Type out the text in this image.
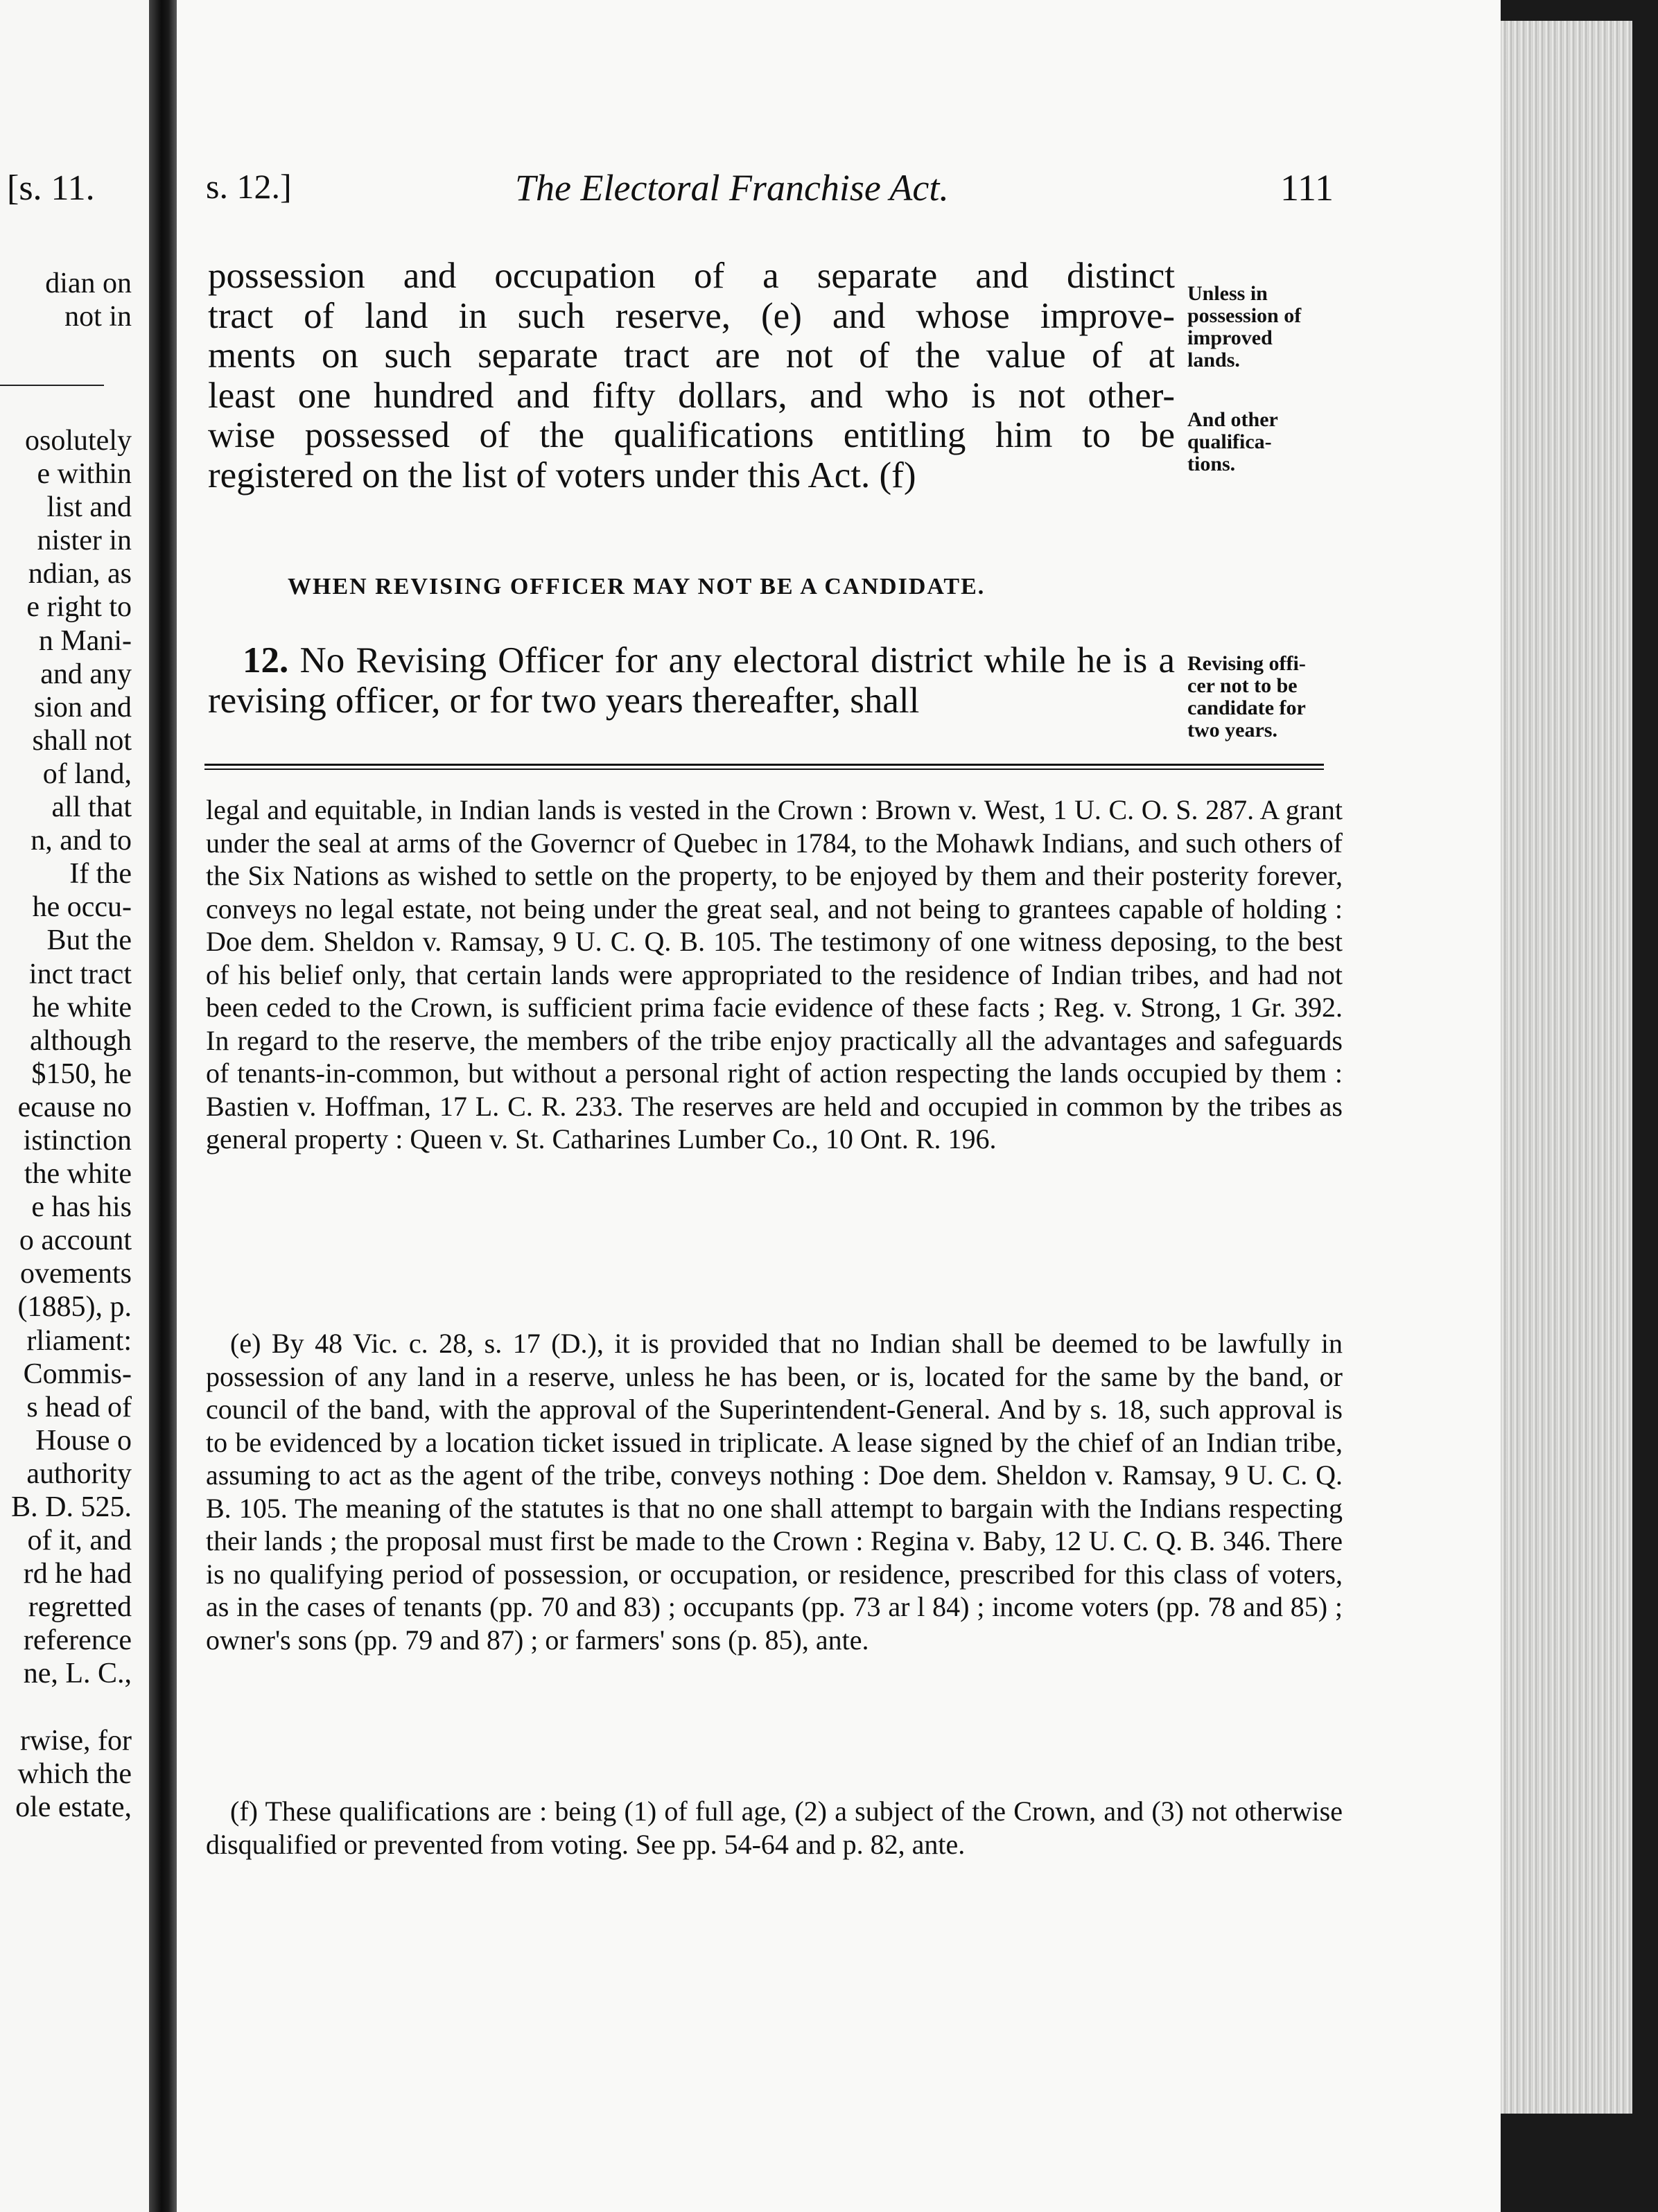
[s. 11.
dian on
not in
osolutely
e within
list and
nister in
ndian, as
e right to
n Mani-
and any
sion and
shall not
of land,
all that
n, and to
If the
he occu-
But the
inct tract
he white
although
$150, he
ecause no
istinction
the white
e has his
o account
ovements
(1885), p.
rliament:
Commis-
s head of
House o
authority
B. D. 525.
of it, and
rd he had
regretted
reference
ne, L. C.,

rwise, for
which the
ole estate,
s. 12.]	The Electoral Franchise Act.	111
possession and occupation of a separate and distinct
tract of land in such reserve, (e) and whose improve-
ments on such separate tract are not of the value of at
least one hundred and fifty dollars, and who is not other-
wise possessed of the qualifications entitling him to be
registered on the list of voters under this Act. (f)
Unless in
possession of
improved
lands.
And other
qualifica-
tions.
WHEN REVISING OFFICER MAY NOT BE A CANDIDATE.

12. No Revising Officer for any electoral district while he is a revising officer, or for two years thereafter, shall

Revising offi-
cer not to be
candidate for
two years.

legal and equitable, in Indian lands is vested in the Crown : Brown v. West, 1 U. C. O. S. 287. A grant under the seal at arms of the Governcr of Quebec in 1784, to the Mohawk Indians, and such others of the Six Nations as wished to settle on the property, to be enjoyed by them and their posterity forever, conveys no legal estate, not being under the great seal, and not being to grantees capable of holding : Doe dem. Sheldon v. Ramsay, 9 U. C. Q. B. 105. The testimony of one witness deposing, to the best of his belief only, that certain lands were appropriated to the residence of Indian tribes, and had not been ceded to the Crown, is sufficient prima facie evidence of these facts ; Reg. v. Strong, 1 Gr. 392. In regard to the reserve, the members of the tribe enjoy practically all the advantages and safeguards of tenants-in-common, but without a personal right of action respecting the lands occupied by them : Bastien v. Hoffman, 17 L. C. R. 233. The reserves are held and occupied in common by the tribes as general property : Queen v. St. Catharines Lumber Co., 10 Ont. R. 196.

(e) By 48 Vic. c. 28, s. 17 (D.), it is provided that no Indian shall be deemed to be lawfully in possession of any land in a reserve, unless he has been, or is, located for the same by the band, or council of the band, with the approval of the Superintendent-General. And by s. 18, such approval is to be evidenced by a location ticket issued in triplicate. A lease signed by the chief of an Indian tribe, assuming to act as the agent of the tribe, conveys nothing : Doe dem. Sheldon v. Ramsay, 9 U. C. Q. B. 105. The meaning of the statutes is that no one shall attempt to bargain with the Indians respecting their lands ; the proposal must first be made to the Crown : Regina v. Baby, 12 U. C. Q. B. 346. There is no qualifying period of possession, or occupation, or residence, prescribed for this class of voters, as in the cases of tenants (pp. 70 and 83) ; occupants (pp. 73 ar l 84) ; income voters (pp. 78 and 85) ; owner's sons (pp. 79 and 87) ; or farmers' sons (p. 85), ante.

(f) These qualifications are : being (1) of full age, (2) a subject of the Crown, and (3) not otherwise disqualified or prevented from voting. See pp. 54-64 and p. 82, ante.
